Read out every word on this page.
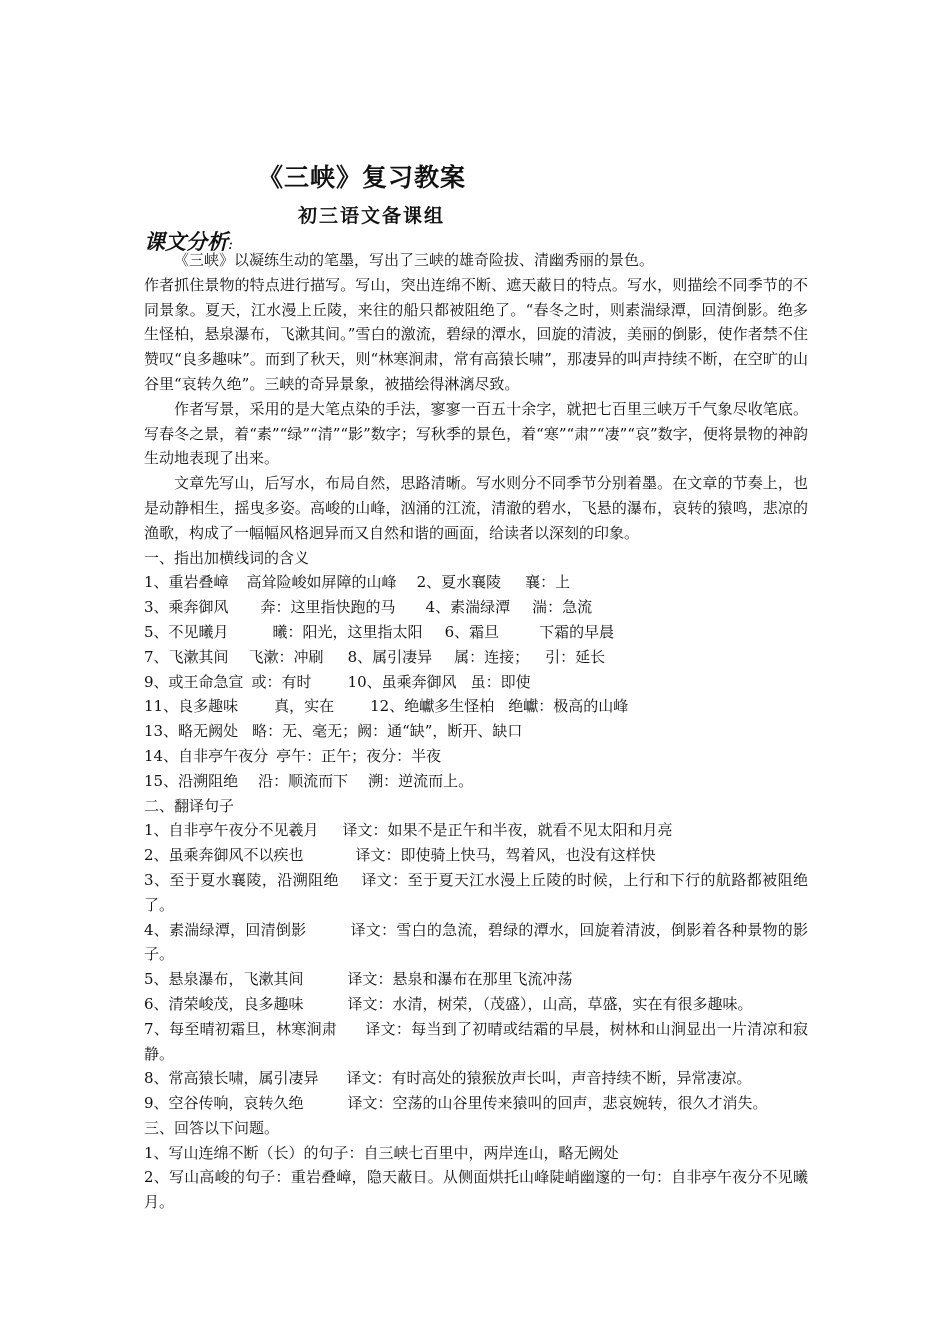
《三峡》复习教案
初三语文备课组
课文分析:

《三峡》以凝练生动的笔墨，写出了三峡的雄奇险拔、清幽秀丽的景色。

作者抓住景物的特点进行描写。写山，突出连绵不断、遮天蔽日的特点。写水，则描绘不同季节的不同景象。夏天，江水漫上丘陵，来往的船只都被阻绝了。“春冬之时，则素湍绿潭，回清倒影。绝多生怪柏，悬泉瀑布，飞漱其间。”雪白的激流，碧绿的潭水，回旋的清波，美丽的倒影，使作者禁不住赞叹“良多趣味”。而到了秋天，则“林寒涧肃，常有高猿长啸”，那凄异的叫声持续不断，在空旷的山谷里“哀转久绝”。三峡的奇异景象，被描绘得淋漓尽致。

作者写景，采用的是大笔点染的手法，寥寥一百五十余字，就把七百里三峡万千气象尽收笔底。写春冬之景，着“素”“绿”“清”“影”数字；写秋季的景色，着“寒”“肃”“凄”“哀”数字，便将景物的神韵生动地表现了出来。

文章先写山，后写水，布局自然，思路清晰。写水则分不同季节分别着墨。在文章的节奏上，也是动静相生，摇曳多姿。高峻的山峰，汹涌的江流，清澈的碧水，飞悬的瀑布，哀转的猿鸣，悲凉的渔歌，构成了一幅幅风格迥异而又自然和谐的画面，给读者以深刻的印象。

一、指出加横线词的含义

1、重岩叠嶂 高耸险峻如屏障的山峰 2、夏水襄陵 襄：上

3、乘奔御风 奔：这里指快跑的马 4、素湍绿潭 湍：急流

5、不见曦月	曦：阳光，这里指太阳 6、霜旦	下霜的早晨

7、飞漱其间 飞漱：冲刷 8、属引凄异 属：连接； 引：延长

9、或王命急宣 或：有时 10、虽乘奔御风 虽：即使

11、良多趣味 真，实在 12、绝巘多生怪柏 绝巘：极高的山峰

13、略无阙处 略：无、毫无；阙：通“缺”，断开、缺口

14、自非亭午夜分 亭午：正午；夜分：半夜

15、沿溯阻绝 沿：顺流而下 溯：逆流而上。

二、翻译句子

1、自非亭午夜分不见羲月 译文：如果不是正午和半夜，就看不见太阳和月亮

2、虽乘奔御风不以疾也	译文：即使骑上快马，驾着风，也没有这样快

3、至于夏水襄陵，沿溯阻绝 译文：至于夏天江水漫上丘陵的时候，上行和下行的航路都被阻绝了。

4、素湍绿潭，回清倒影	译文：雪白的急流，碧绿的潭水，回旋着清波，倒影着各种景物的影子。

5、悬泉瀑布，飞漱其间	译文：悬泉和瀑布在那里飞流冲荡

6、清荣峻茂，良多趣味	译文：水清，树荣，（茂盛），山高，草盛，实在有很多趣味。

7、每至晴初霜旦，林寒涧肃 译文：每当到了初晴或结霜的早晨，树林和山涧显出一片清凉和寂静。

8、常高猿长啸，属引凄异 译文：有时高处的猿猴放声长叫，声音持续不断，异常凄凉。

9、空谷传响，哀转久绝	译文：空荡的山谷里传来猿叫的回声，悲哀婉转，很久才消失。

三、回答以下问题。

1、写山连绵不断（长）的句子：自三峡七百里中，两岸连山，略无阙处

2、写山高峻的句子：重岩叠嶂，隐天蔽日。从侧面烘托山峰陡峭幽邃的一句：自非亭午夜分不见曦月。
